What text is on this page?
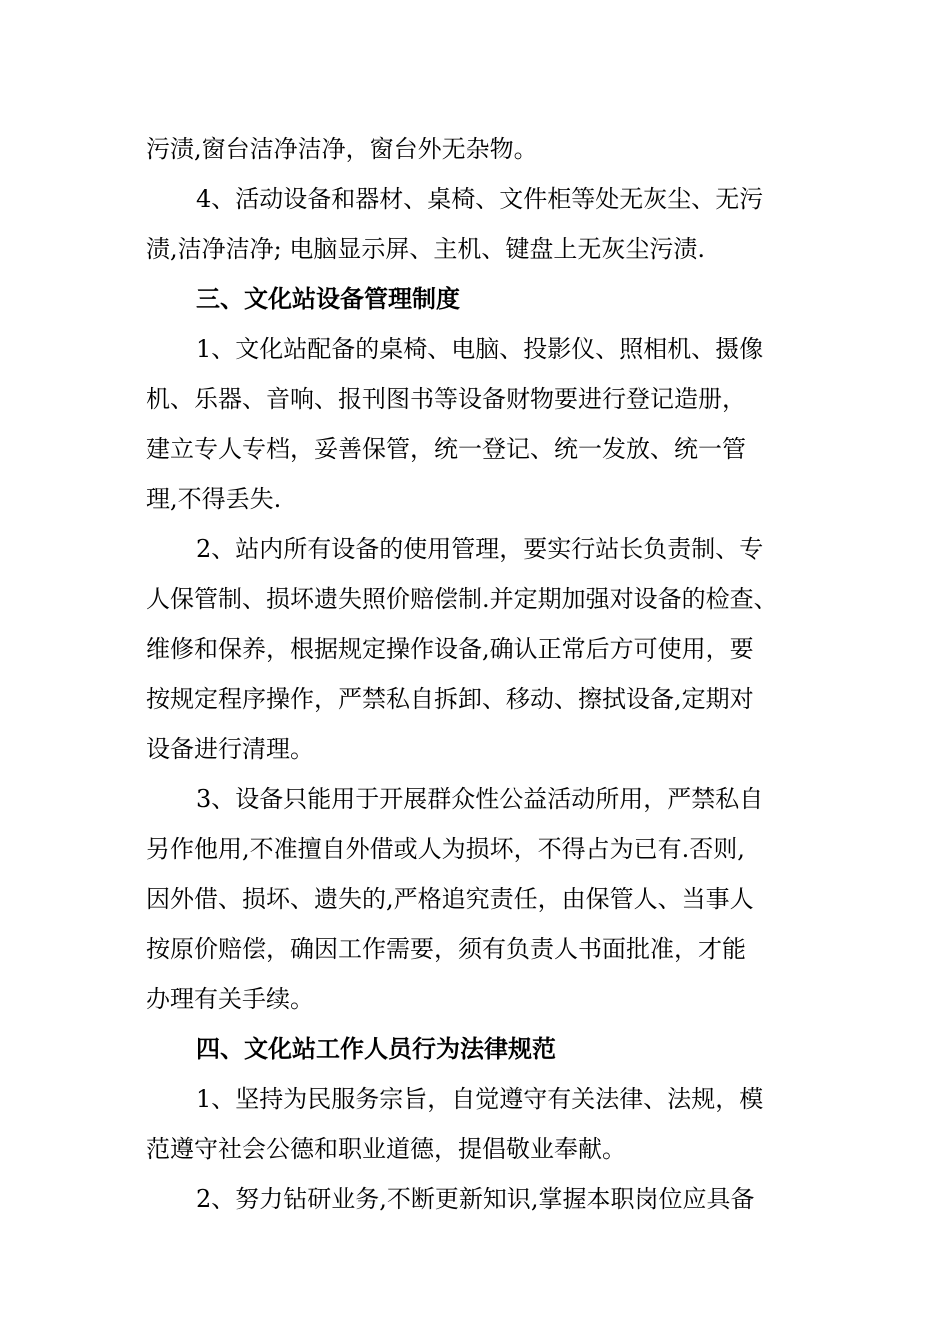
污渍,窗台洁净洁净，窗台外无杂物。
4、活动设备和器材、桌椅、文件柜等处无灰尘、无污
渍,洁净洁净; 电脑显示屏、主机、键盘上无灰尘污渍.
三、文化站设备管理制度
1、文化站配备的桌椅、电脑、投影仪、照相机、摄像
机、乐器、音响、报刊图书等设备财物要进行登记造册，
建立专人专档，妥善保管，统一登记、统一发放、统一管
理,不得丢失.
2、站内所有设备的使用管理，要实行站长负责制、专
人保管制、损坏遗失照价赔偿制.并定期加强对设备的检查、
维修和保养，根据规定操作设备,确认正常后方可使用，要
按规定程序操作，严禁私自拆卸、移动、擦拭设备,定期对
设备进行清理。
3、设备只能用于开展群众性公益活动所用，严禁私自
另作他用,不准擅自外借或人为损坏，不得占为已有.否则,
因外借、损坏、遗失的,严格追究责任，由保管人、当事人
按原价赔偿，确因工作需要，须有负责人书面批准，才能
办理有关手续。
四、文化站工作人员行为法律规范
1、坚持为民服务宗旨，自觉遵守有关法律、法规，模
范遵守社会公德和职业道德，提倡敬业奉献。
2、努力钻研业务,不断更新知识,掌握本职岗位应具备
